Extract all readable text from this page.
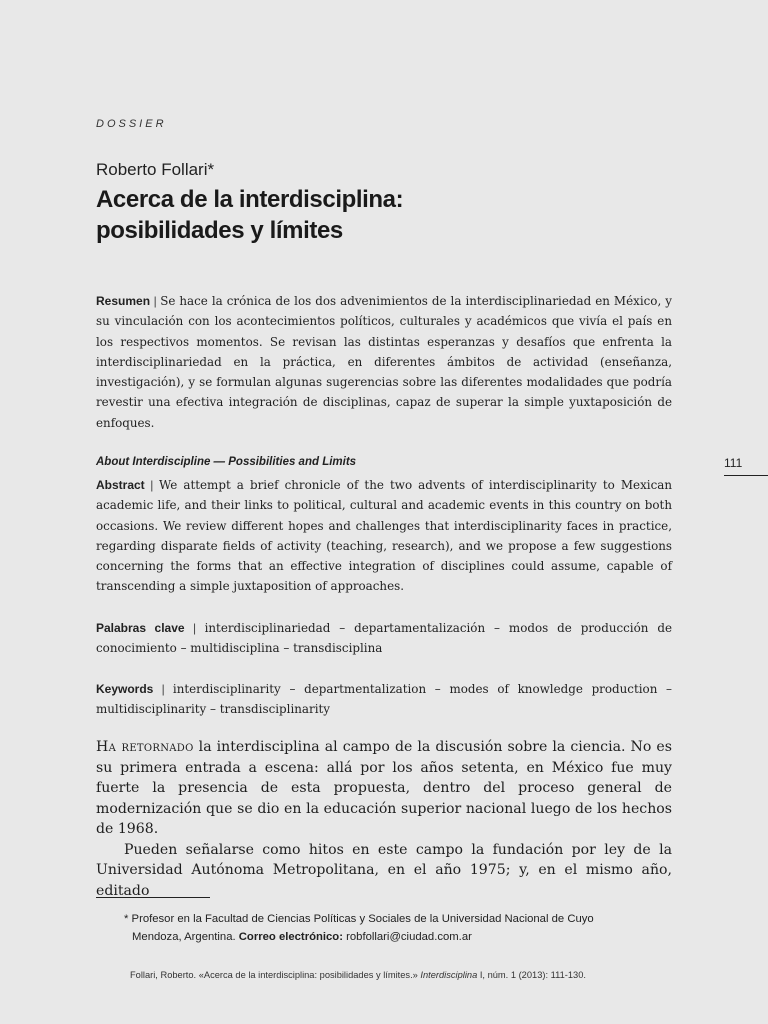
DOSSIER
Roberto Follari*
Acerca de la interdisciplina:
posibilidades y límites
Resumen | Se hace la crónica de los dos advenimientos de la interdisciplinariedad en México, y su vinculación con los acontecimientos políticos, culturales y académicos que vivía el país en los respectivos momentos. Se revisan las distintas esperanzas y desafíos que enfrenta la interdisciplinariedad en la práctica, en diferentes ámbitos de actividad (enseñanza, investigación), y se formulan algunas sugerencias sobre las diferentes modalidades que podría revestir una efectiva integración de disciplinas, capaz de superar la simple yuxtaposición de enfoques.
About Interdiscipline — Possibilities and Limits	111
Abstract | We attempt a brief chronicle of the two advents of interdisciplinarity to Mexican academic life, and their links to political, cultural and academic events in this country on both occasions. We review different hopes and challenges that interdisciplinarity faces in practice, regarding disparate fields of activity (teaching, research), and we propose a few suggestions concerning the forms that an effective integration of disciplines could assume, capable of transcending a simple juxtaposition of approaches.
Palabras clave | interdisciplinariedad – departamentalización – modos de producción de conocimiento – multidisciplina – transdisciplina
Keywords | interdisciplinarity – departmentalization – modes of knowledge production – multidisciplinarity – transdisciplinarity

Ha retornado la interdisciplina al campo de la discusión sobre la ciencia. No es su primera entrada a escena: allá por los años setenta, en México fue muy fuerte la presencia de esta propuesta, dentro del proceso general de modernización que se dio en la educación superior nacional luego de los hechos de 1968.

Pueden señalarse como hitos en este campo la fundación por ley de la Universidad Autónoma Metropolitana, en el año 1975; y, en el mismo año, editado

* Profesor en la Facultad de Ciencias Políticas y Sociales de la Universidad Nacional de Cuyo
Mendoza, Argentina. Correo electrónico: robfollari@ciudad.com.ar
Follari, Roberto. «Acerca de la interdisciplina: posibilidades y límites.» Interdisciplina I, núm. 1 (2013): 111-130.
